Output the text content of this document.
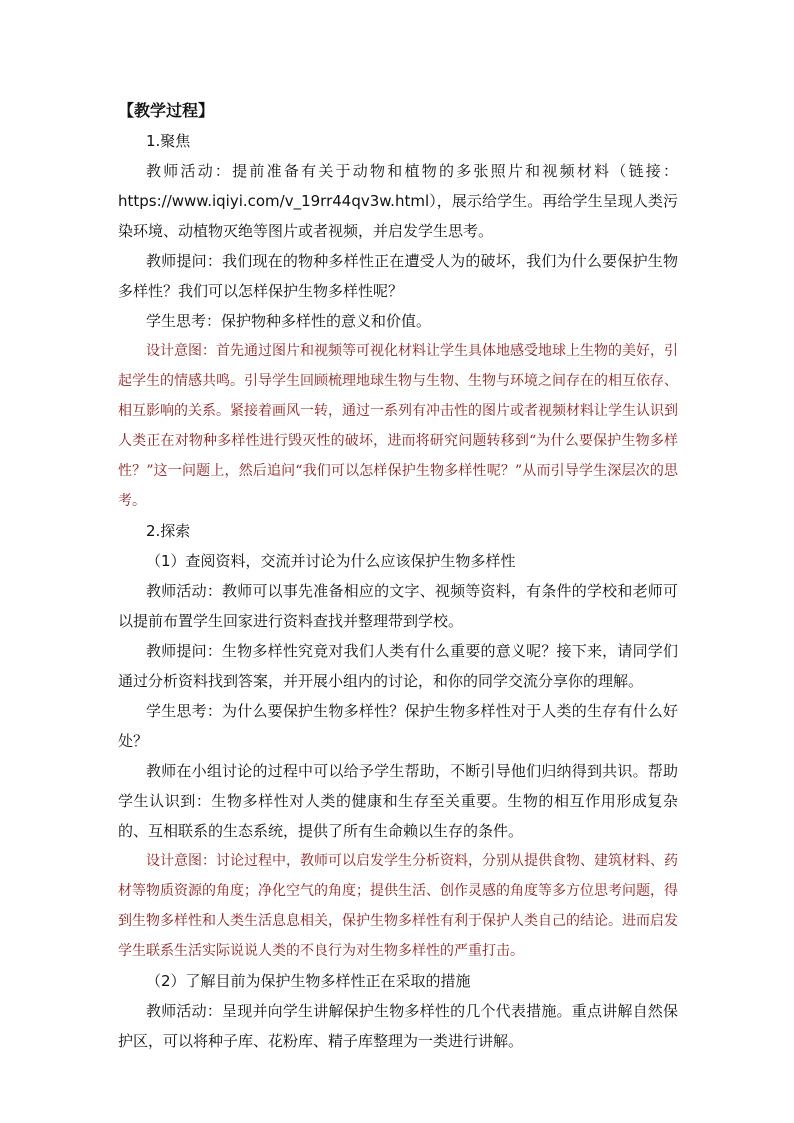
【教学过程】
1.聚焦

教师活动：提前准备有关于动物和植物的多张照片和视频材料（链接：https://www.iqiyi.com/v_19rr44qv3w.html），展示给学生。再给学生呈现人类污染环境、动植物灭绝等图片或者视频，并启发学生思考。

教师提问：我们现在的物种多样性正在遭受人为的破坏，我们为什么要保护生物多样性？我们可以怎样保护生物多样性呢？

学生思考：保护物种多样性的意义和价值。

设计意图：首先通过图片和视频等可视化材料让学生具体地感受地球上生物的美好，引起学生的情感共鸣。引导学生回顾梳理地球生物与生物、生物与环境之间存在的相互依存、相互影响的关系。紧接着画风一转，通过一系列有冲击性的图片或者视频材料让学生认识到人类正在对物种多样性进行毁灭性的破坏，进而将研究问题转移到“为什么要保护生物多样性？”这一问题上，然后追问“我们可以怎样保护生物多样性呢？”从而引导学生深层次的思考。

2.探索
（1）查阅资料，交流并讨论为什么应该保护生物多样性

教师活动：教师可以事先准备相应的文字、视频等资料，有条件的学校和老师可以提前布置学生回家进行资料查找并整理带到学校。

教师提问：生物多样性究竟对我们人类有什么重要的意义呢？接下来，请同学们通过分析资料找到答案，并开展小组内的讨论，和你的同学交流分享你的理解。

学生思考：为什么要保护生物多样性？保护生物多样性对于人类的生存有什么好处？

教师在小组讨论的过程中可以给予学生帮助，不断引导他们归纳得到共识。帮助学生认识到：生物多样性对人类的健康和生存至关重要。生物的相互作用形成复杂的、互相联系的生态系统，提供了所有生命赖以生存的条件。

设计意图：讨论过程中，教师可以启发学生分析资料，分别从提供食物、建筑材料、药材等物质资源的角度；净化空气的角度；提供生活、创作灵感的角度等多方位思考问题，得到生物多样性和人类生活息息相关，保护生物多样性有利于保护人类自己的结论。进而启发学生联系生活实际说说人类的不良行为对生物多样性的严重打击。

（2）了解目前为保护生物多样性正在采取的措施

教师活动：呈现并向学生讲解保护生物多样性的几个代表措施。重点讲解自然保护区，可以将种子库、花粉库、精子库整理为一类进行讲解。
